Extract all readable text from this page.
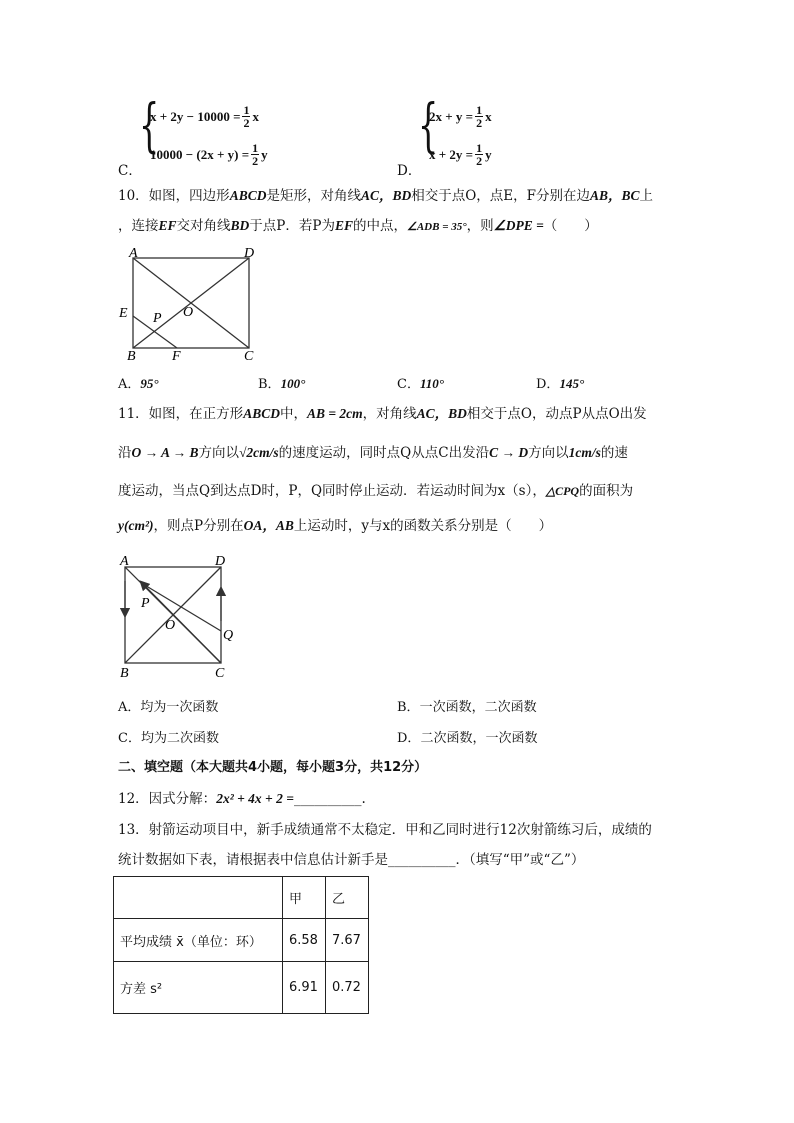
C．
{
$x + 2y - 10000 = \frac{1}{2}$ x
$10000 - (2x + y) = \frac{1}{2}$ y
D．
{
$2x + y = \frac{1}{2}$ x
$x + 2y = \frac{1}{2}$ y
10．如图，四边形ABCD是矩形，对角线AC，BD相交于点O，点E，F分别在边AB，BC上
，连接EF交对角线BD于点P．若P为EF的中点，∠ADB = 35°，则∠DPE =（　　）
A	D
E P O
B	F	C
A．95°	B．100°	C．110°	D．145°
11．如图，在正方形ABCD中，AB = 2cm，对角线AC，BD相交于点O，动点P从点O出发
沿O → A → B方向以√2cm/s的速度运动，同时点Q从点C出发沿C → D方向以1cm/s的速
度运动，当点Q到达点D时，P，Q同时停止运动．若运动时间为x（s），△CPQ的面积为
y(cm²)，则点P分别在OA，AB上运动时，y与x的函数关系分别是（　　）
A	D
P
O
Q
B	C
A．均为一次函数	B．一次函数，二次函数
C．均为二次函数	D．二次函数，一次函数
二、填空题（本大题共4小题，每小题3分，共12分）
12．因式分解：2x² + 4x + 2 =__________.
13．射箭运动项目中，新手成绩通常不太稳定．甲和乙同时进行12次射箭练习后，成绩的
统计数据如下表，请根据表中信息估计新手是__________．（填写“甲”或“乙”）
	甲	乙
平均成绩 x̄（单位：环）	6.58	7.67
方差 s²	6.91	0.72
